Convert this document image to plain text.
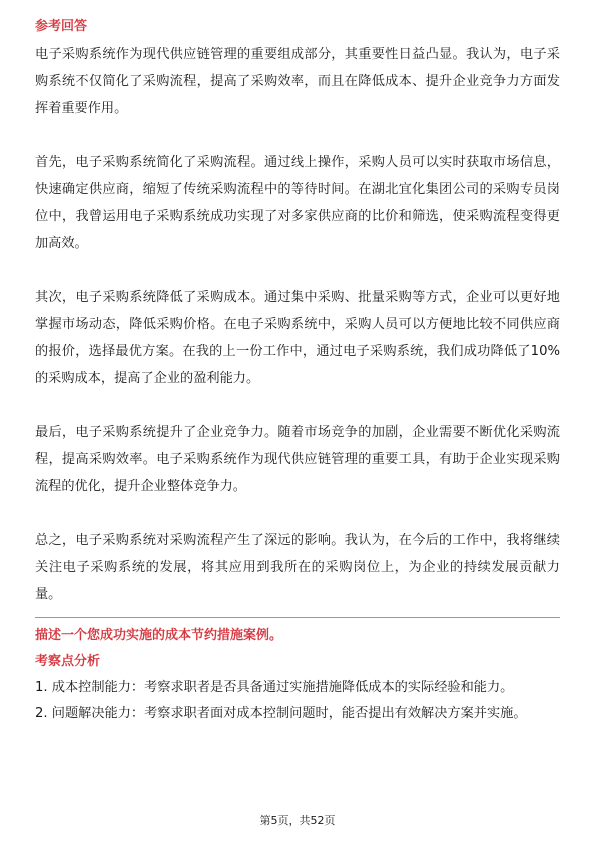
参考回答

电子采购系统作为现代供应链管理的重要组成部分，其重要性日益凸显。我认为，电子采购系统不仅简化了采购流程，提高了采购效率，而且在降低成本、提升企业竞争力方面发挥着重要作用。

首先，电子采购系统简化了采购流程。通过线上操作，采购人员可以实时获取市场信息，快速确定供应商，缩短了传统采购流程中的等待时间。在湖北宜化集团公司的采购专员岗位中，我曾运用电子采购系统成功实现了对多家供应商的比价和筛选，使采购流程变得更加高效。

其次，电子采购系统降低了采购成本。通过集中采购、批量采购等方式，企业可以更好地掌握市场动态，降低采购价格。在电子采购系统中，采购人员可以方便地比较不同供应商的报价，选择最优方案。在我的上一份工作中，通过电子采购系统，我们成功降低了10%的采购成本，提高了企业的盈利能力。

最后，电子采购系统提升了企业竞争力。随着市场竞争的加剧，企业需要不断优化采购流程，提高采购效率。电子采购系统作为现代供应链管理的重要工具，有助于企业实现采购流程的优化，提升企业整体竞争力。

总之，电子采购系统对采购流程产生了深远的影响。我认为，在今后的工作中，我将继续关注电子采购系统的发展，将其应用到我所在的采购岗位上，为企业的持续发展贡献力量。

描述一个您成功实施的成本节约措施案例。
考察点分析

1. 成本控制能力：考察求职者是否具备通过实施措施降低成本的实际经验和能力。

2. 问题解决能力：考察求职者面对成本控制问题时，能否提出有效解决方案并实施。

第5页，共52页
